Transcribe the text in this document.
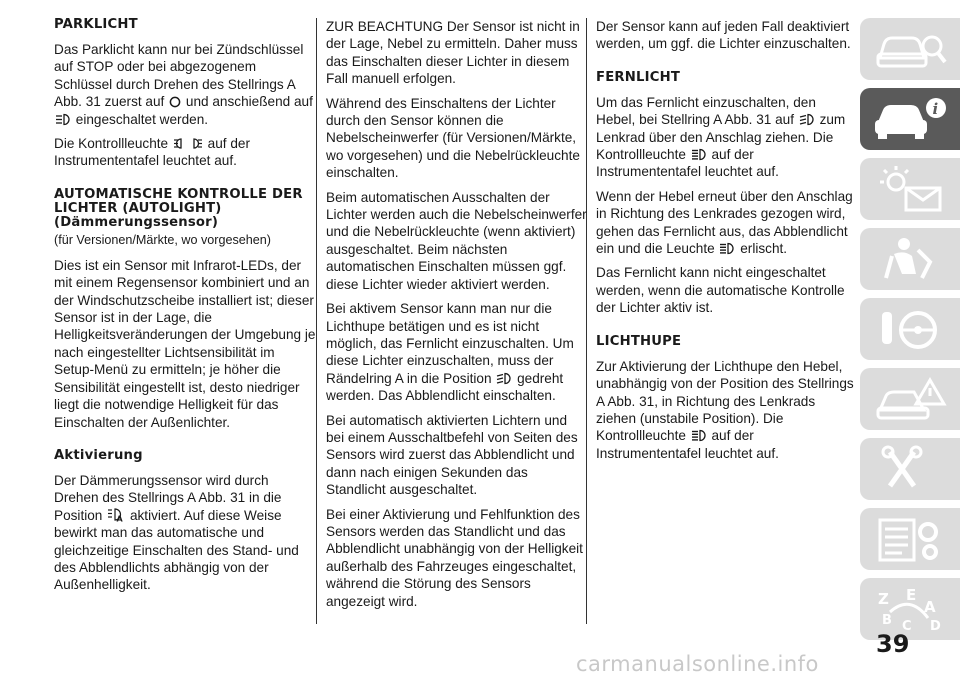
PARKLICHT

Das Parklicht kann nur bei Zündschlüssel auf STOP oder bei abgezogenem Schlüssel durch Drehen des Stellrings A Abb. 31 zuerst auf und anschießend auf  eingeschaltet werden.

Die Kontrollleuchte	auf der Instrumententafel leuchtet auf.

AUTOMATISCHE KONTROLLE DER LICHTER (AUTOLIGHT) (Dämmerungssensor)
(für Versionen/Märkte, wo vorgesehen)

Dies ist ein Sensor mit Infrarot-LEDs, der mit einem Regensensor kombiniert und an der Windschutzscheibe installiert ist; dieser Sensor ist in der Lage, die Helligkeitsveränderungen der Umgebung je nach eingestellter Lichtsensibilität im Setup-Menü zu ermitteln; je höher die Sensibilität eingestellt ist, desto niedriger liegt die notwendige Helligkeit für das Einschalten der Außenlichter.

Aktivierung

Der Dämmerungssensor wird durch Drehen des Stellrings A Abb. 31 in die Position A aktiviert. Auf diese Weise bewirkt man das automatische und gleichzeitige Einschalten des Stand- und des Abblendlichts abhängig von der Außenhelligkeit.

ZUR BEACHTUNG Der Sensor ist nicht in der Lage, Nebel zu ermitteln. Daher muss das Einschalten dieser Lichter in diesem Fall manuell erfolgen.

Während des Einschaltens der Lichter durch den Sensor können die Nebelscheinwerfer (für Versionen/Märkte, wo vorgesehen) und die Nebelrückleuchte einschalten.

Beim automatischen Ausschalten der Lichter werden auch die Nebelscheinwerfer und die Nebelrückleuchte (wenn aktiviert) ausgeschaltet. Beim nächsten automatischen Einschalten müssen ggf. diese Lichter wieder aktiviert werden.

Bei aktivem Sensor kann man nur die Lichthupe betätigen und es ist nicht möglich, das Fernlicht einzuschalten. Um diese Lichter einzuschalten, muss der Rändelring A in die Position gedreht werden. Das Abblendlicht einschalten.

Bei automatisch aktivierten Lichtern und bei einem Ausschaltbefehl von Seiten des Sensors wird zuerst das Abblendlicht und dann nach einigen Sekunden das Standlicht ausgeschaltet.

Bei einer Aktivierung und Fehlfunktion des Sensors werden das Standlicht und das Abblendlicht unabhängig von der Helligkeit außerhalb des Fahrzeuges eingeschaltet, während die Störung des Sensors angezeigt wird.

Der Sensor kann auf jeden Fall deaktiviert werden, um ggf. die Lichter einzuschalten.

FERNLICHT

Um das Fernlicht einzuschalten, den Hebel, bei Stellring A Abb. 31 auf zum Lenkrad über den Anschlag ziehen. Die Kontrollleuchte auf der Instrumententafel leuchtet auf.

Wenn der Hebel erneut über den Anschlag in Richtung des Lenkrades gezogen wird, gehen das Fernlicht aus, das Abblendlicht ein und die Leuchte erlischt.

Das Fernlicht kann nicht eingeschaltet werden, wenn die automatische Kontrolle der Lichter aktiv ist.

LICHTHUPE

Zur Aktivierung der Lichthupe den Hebel, unabhängig von der Position des Stellrings A Abb. 31, in Richtung des Lenkrads ziehen (unstabile Position). Die Kontrollleuchte auf der Instrumententafel leuchtet auf.

i
Z E
A
B C D
39
carmanualsonline.info
